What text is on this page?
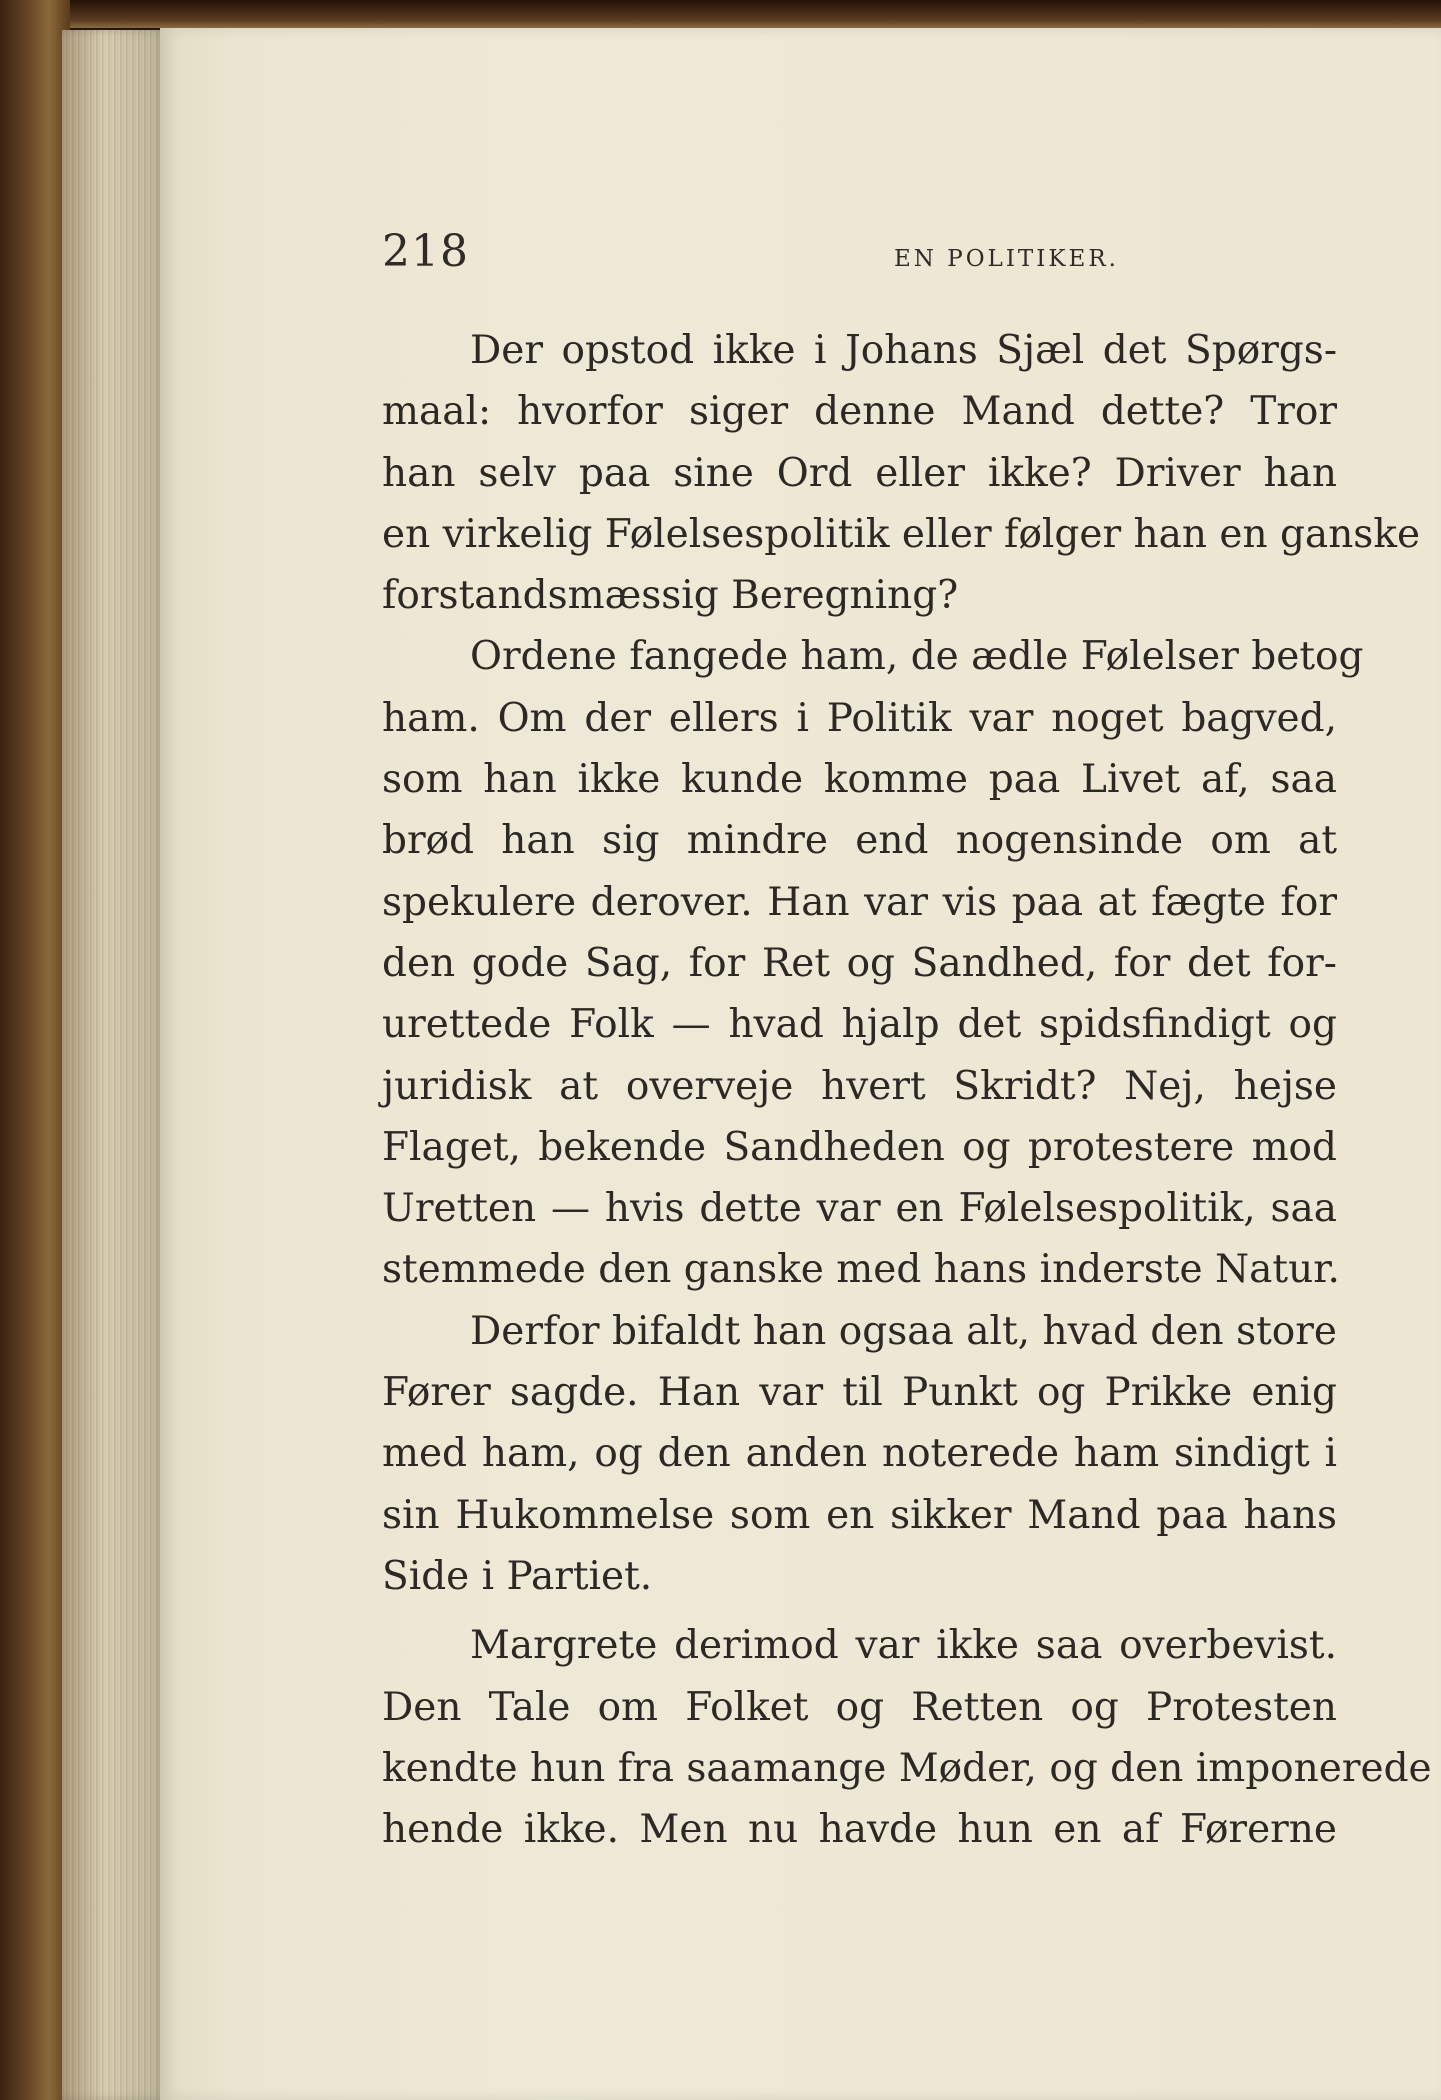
218	EN POLITIKER.
Der opstod ikke i Johans Sjæl det Spørgs-
maal: hvorfor siger denne Mand dette? Tror
han selv paa sine Ord eller ikke? Driver han
en virkelig Følelsespolitik eller følger han en ganske
forstandsmæssig Beregning?
Ordene fangede ham, de ædle Følelser betog
ham. Om der ellers i Politik var noget bagved,
som han ikke kunde komme paa Livet af, saa
brød han sig mindre end nogensinde om at
spekulere derover. Han var vis paa at fægte for
den gode Sag, for Ret og Sandhed, for det for-
urettede Folk — hvad hjalp det spidsfindigt og
juridisk at overveje hvert Skridt? Nej, hejse
Flaget, bekende Sandheden og protestere mod
Uretten — hvis dette var en Følelsespolitik, saa
stemmede den ganske med hans inderste Natur.
Derfor bifaldt han ogsaa alt, hvad den store
Fører sagde. Han var til Punkt og Prikke enig
med ham, og den anden noterede ham sindigt i
sin Hukommelse som en sikker Mand paa hans
Side i Partiet.
Margrete derimod var ikke saa overbevist.
Den Tale om Folket og Retten og Protesten
kendte hun fra saamange Møder, og den imponerede
hende ikke. Men nu havde hun en af Førerne
